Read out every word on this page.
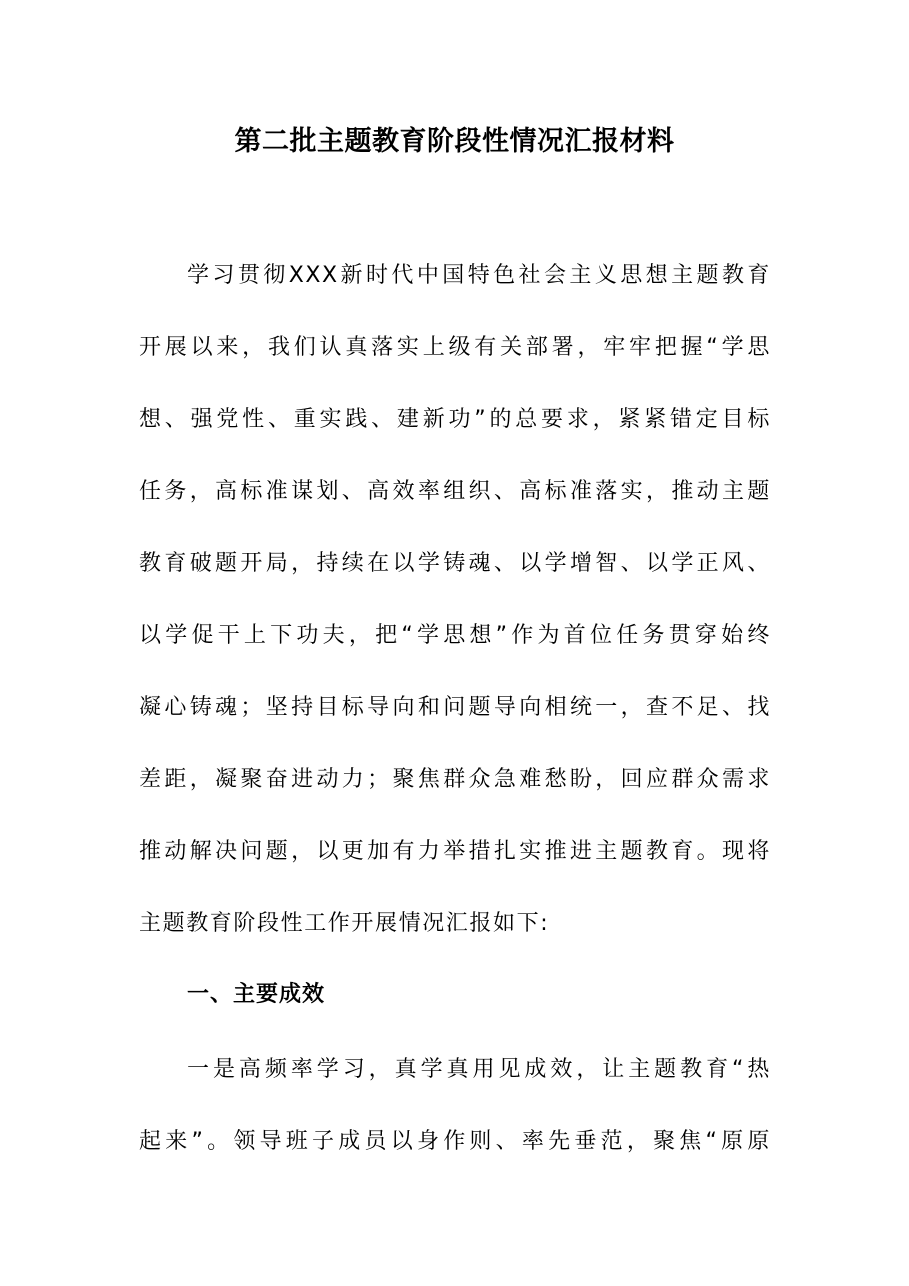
第二批主题教育阶段性情况汇报材料
学习贯彻XXX新时代中国特色社会主义思想主题教育
开展以来，我们认真落实上级有关部署，牢牢把握“学思
想、强党性、重实践、建新功”的总要求，紧紧错定目标
任务，高标准谋划、高效率组织、高标准落实，推动主题
教育破题开局，持续在以学铸魂、以学增智、以学正风、
以学促干上下功夫，把“学思想”作为首位任务贯穿始终
凝心铸魂；坚持目标导向和问题导向相统一，查不足、找
差距，凝聚奋进动力；聚焦群众急难愁盼，回应群众需求
推动解决问题，以更加有力举措扎实推进主题教育。现将
主题教育阶段性工作开展情况汇报如下:
一、主要成效
一是高频率学习，真学真用见成效，让主题教育“热
起来”。领导班子成员以身作则、率先垂范，聚焦“原原
